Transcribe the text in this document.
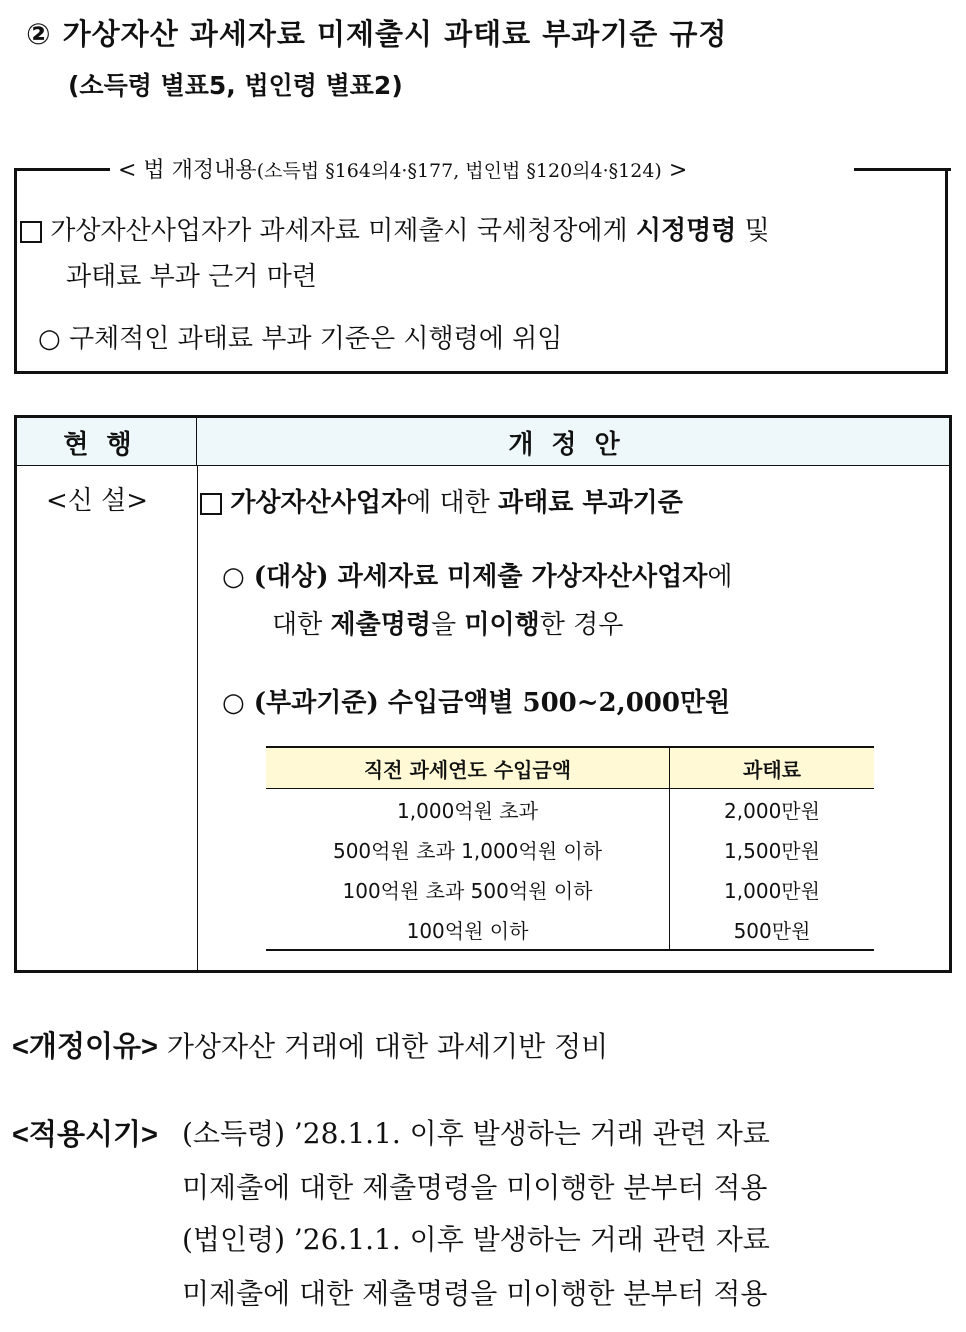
② 가상자산 과세자료 미제출시 과태료 부과기준 규정
(소득령 별표5, 법인령 별표2)
< 법 개정내용(소득법 §164의4·§177, 법인법 §120의4·§124) >
가상자산사업자가 과세자료 미제출시 국세청장에게 시정명령 및
과태료 부과 근거 마련
○ 구체적인 과태료 부과 기준은 시행령에 위임
현행	개정안
<신 설>	가상자산사업자에 대한 과태료 부과기준
○ (대상) 과세자료 미제출 가상자산사업자에
대한 제출명령을 미이행한 경우
○ (부과기준) 수입금액별 500~2,000만원
직전 과세연도 수입금액	과태료
1,000억원 초과	2,000만원
500억원 초과 1,000억원 이하	1,500만원
100억원 초과 500억원 이하	1,000만원
100억원 이하	500만원
<개정이유> 가상자산 거래에 대한 과세기반 정비
<적용시기> (소득령) ’28.1.1. 이후 발생하는 거래 관련 자료
미제출에 대한 제출명령을 미이행한 분부터 적용
(법인령) ’26.1.1. 이후 발생하는 거래 관련 자료
미제출에 대한 제출명령을 미이행한 분부터 적용
